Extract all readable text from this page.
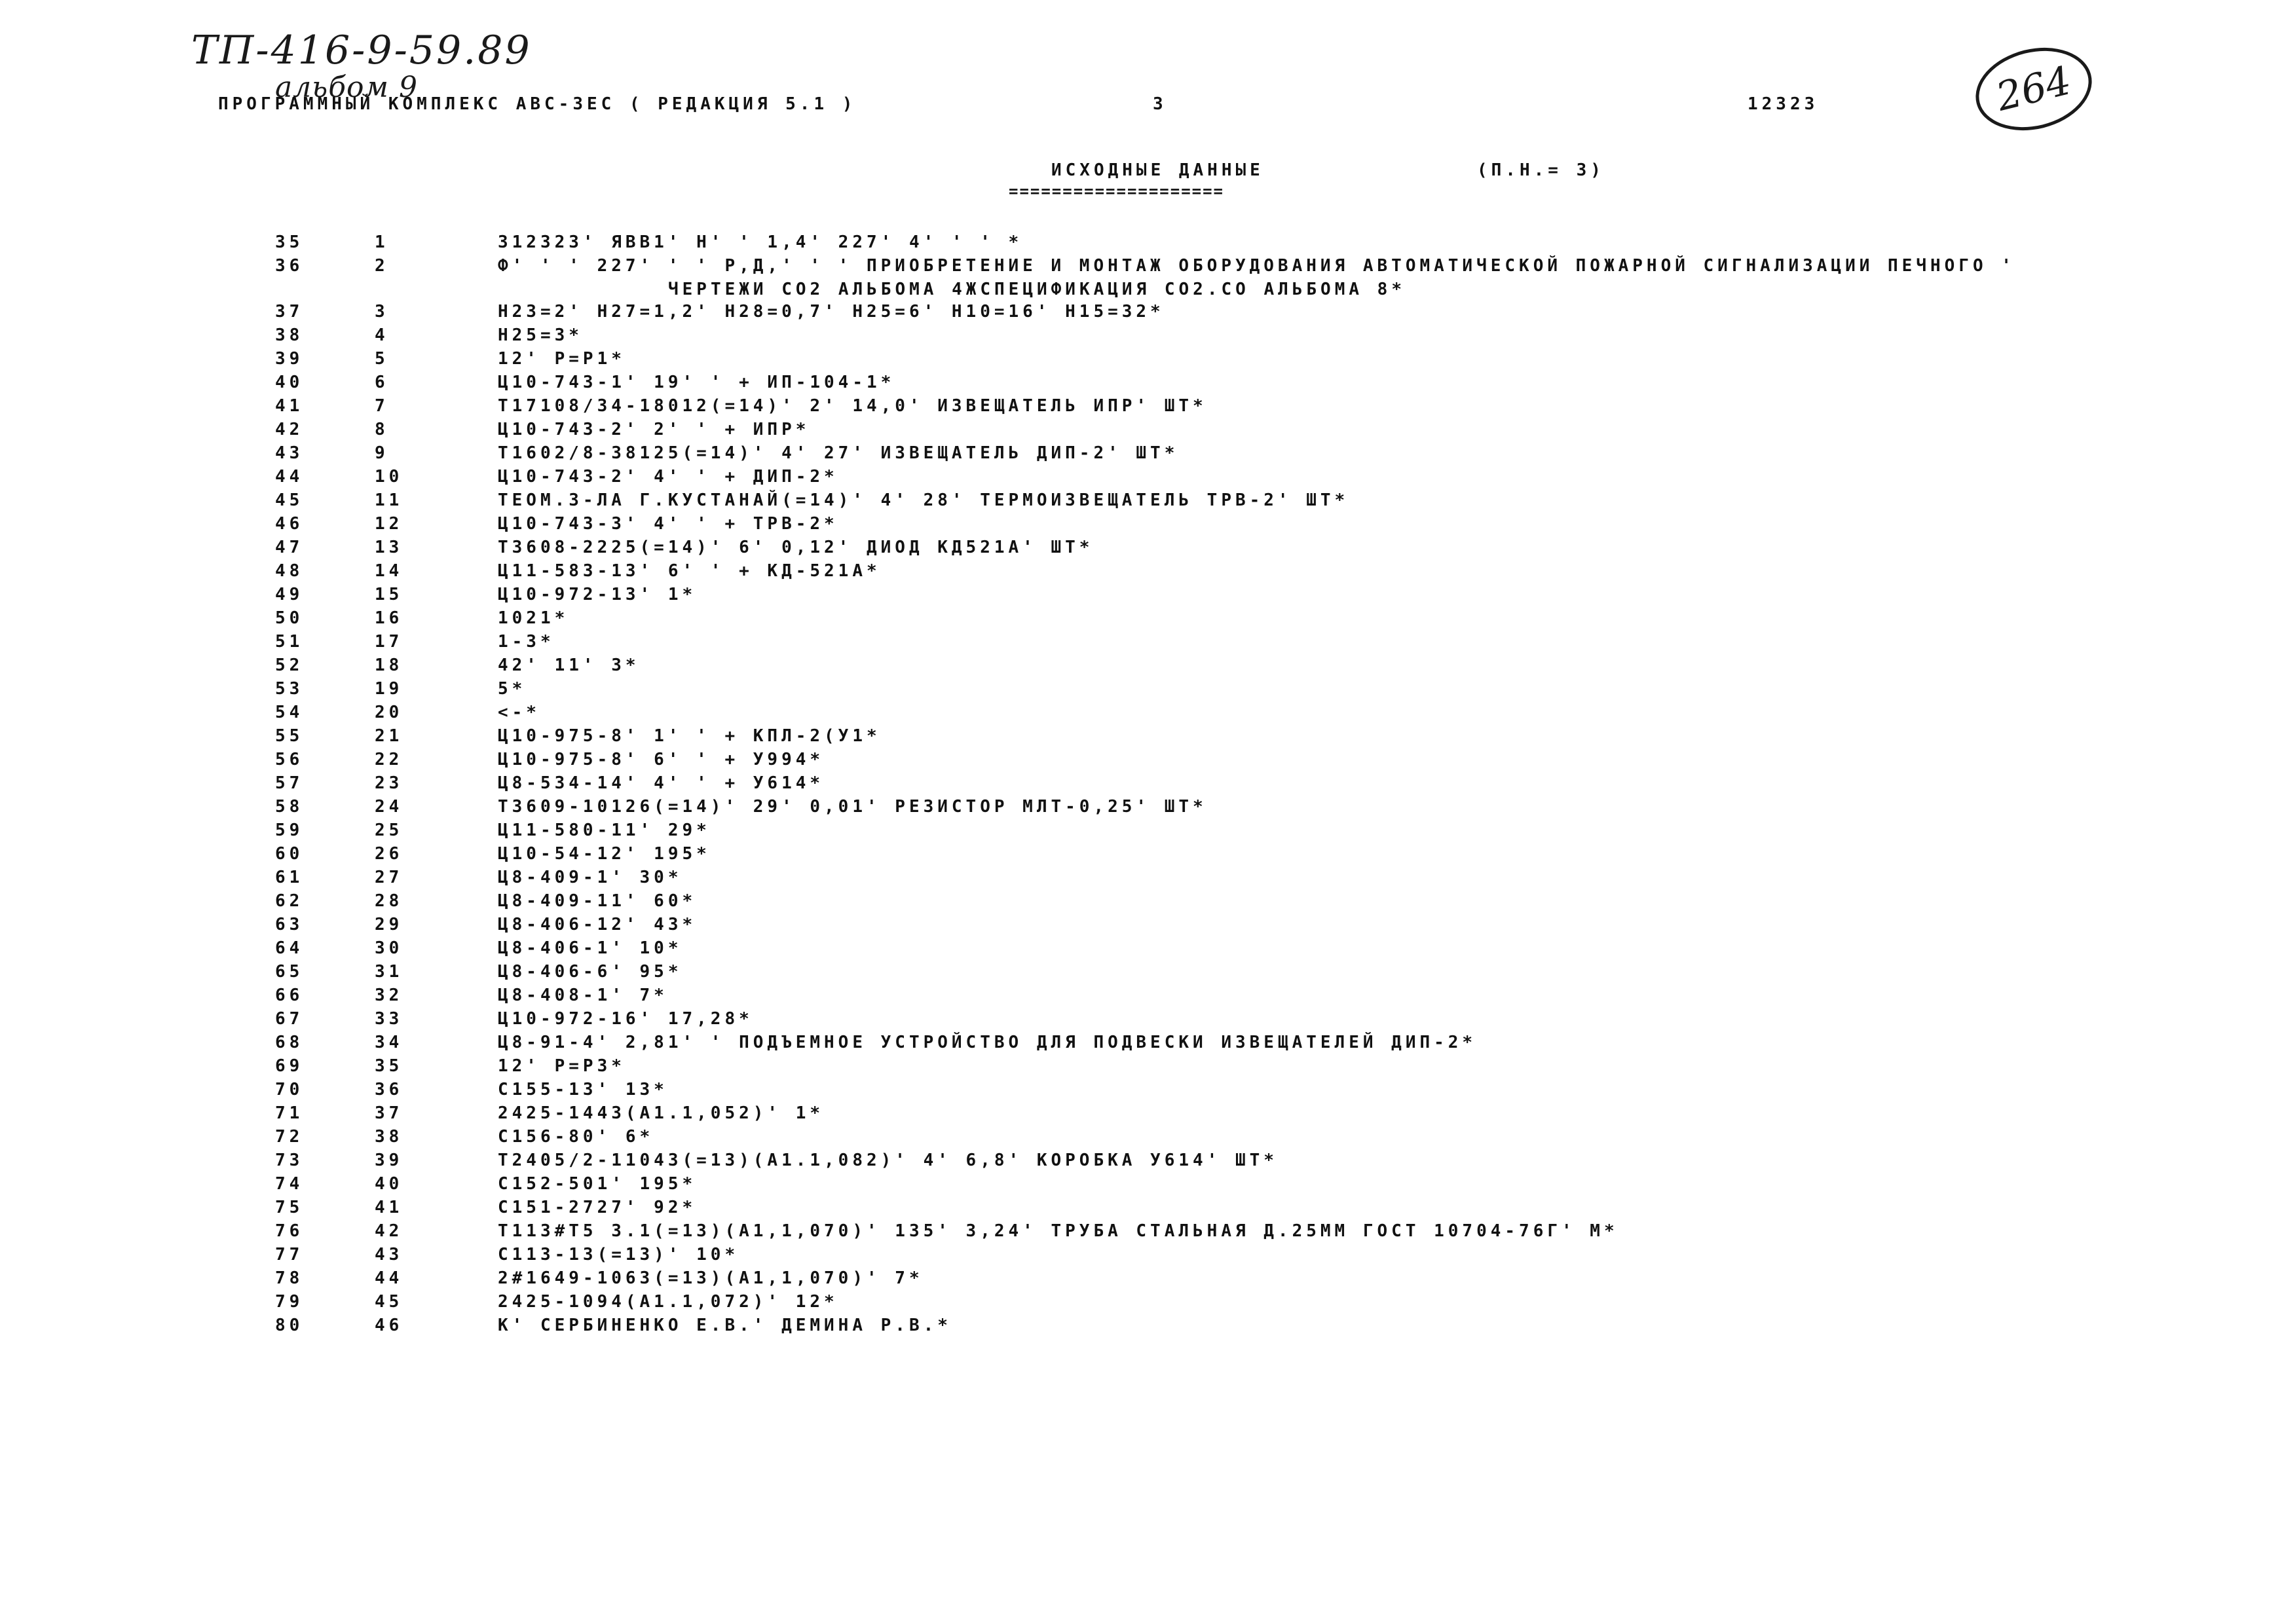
ТП-416-9-59.89
альбом 9	264
ПРОГРАММНЫЙ КОМПЛЕКС АВС-3ЕС ( РЕДАКЦИЯ 5.1 )	3	12323
ИСХОДНЫЕ ДАННЫЕ
====================
(П.Н.= 3)
35	1	312323' ЯВВ1' Н' ' 1,4' 227' 4' ' ' *
36	2	Ф' ' ' 227' ' ' Р,Д,' ' ' ПРИОБРЕТЕНИЕ И МОНТАЖ ОБОРУДОВАНИЯ АВТОМАТИЧЕСКОЙ ПОЖАРНОЙ СИГНАЛИЗАЦИИ ПЕЧНОГО '
ЧЕРТЕЖИ СО2 АЛЬБОМА 4ЖСПЕЦИФИКАЦИЯ СО2.СО АЛЬБОМА 8*
37	3	Н23=2' Н27=1,2' Н28=0,7' Н25=6' Н10=16' Н15=32*
38	4	Н25=3*
39	5	12' Р=Р1*
40	6	Ц10-743-1' 19' ' + ИП-104-1*
41	7	Т17108/34-18012(=14)' 2' 14,0' ИЗВЕЩАТЕЛЬ ИПР' ШТ*
42	8	Ц10-743-2' 2' ' + ИПР*
43	9	Т1602/8-38125(=14)' 4' 27' ИЗВЕЩАТЕЛЬ ДИП-2' ШТ*
44	10	Ц10-743-2' 4' ' + ДИП-2*
45	11	ТЕОМ.З-ЛА Г.КУСТАНАЙ(=14)' 4' 28' ТЕРМОИЗВЕЩАТЕЛЬ ТРВ-2' ШТ*
46	12	Ц10-743-3' 4' ' + ТРВ-2*
47	13	Т3608-2225(=14)' 6' 0,12' ДИОД КД521А' ШТ*
48	14	Ц11-583-13' 6' ' + КД-521А*
49	15	Ц10-972-13' 1*
50	16	1021*
51	17	1-3*
52	18	42' 11' 3*
53	19	5*
54	20	<-*
55	21	Ц10-975-8' 1' ' + КПЛ-2(У1*
56	22	Ц10-975-8' 6' ' + У994*
57	23	Ц8-534-14' 4' ' + У614*
58	24	Т3609-10126(=14)' 29' 0,01' РЕЗИСТОР МЛТ-0,25' ШТ*
59	25	Ц11-580-11' 29*
60	26	Ц10-54-12' 195*
61	27	Ц8-409-1' 30*
62	28	Ц8-409-11' 60*
63	29	Ц8-406-12' 43*
64	30	Ц8-406-1' 10*
65	31	Ц8-406-6' 95*
66	32	Ц8-408-1' 7*
67	33	Ц10-972-16' 17,28*
68	34	Ц8-91-4' 2,81' ' ПОДЪЕМНОЕ УСТРОЙСТВО ДЛЯ ПОДВЕСКИ ИЗВЕЩАТЕЛЕЙ ДИП-2*
69	35	12' Р=Р3*
70	36	С155-13' 13*
71	37	2425-1443(А1.1,052)' 1*
72	38	С156-80' 6*
73	39	Т2405/2-11043(=13)(А1.1,082)' 4' 6,8' КОРОБКА У614' ШТ*
74	40	С152-501' 195*
75	41	С151-2727' 92*
76	42	Т113#Т5 3.1(=13)(А1,1,070)' 135' 3,24' ТРУБА СТАЛЬНАЯ Д.25ММ ГОСТ 10704-76Г' М*
77	43	С113-13(=13)' 10*
78	44	2#1649-1063(=13)(А1,1,070)' 7*
79	45	2425-1094(А1.1,072)' 12*
80	46	К' СЕРБИНЕНКО Е.В.' ДЕМИНА Р.В.*
